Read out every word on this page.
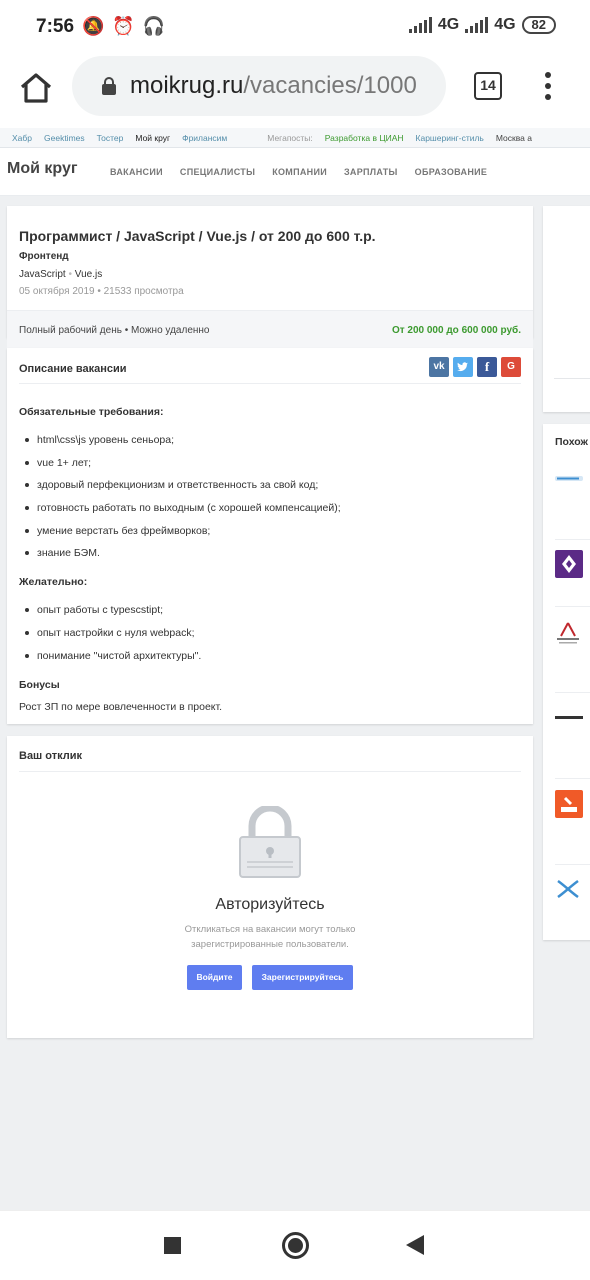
7:56 🔕 ⏰ 🎧	4G 4G	82
moikrug.ru/vacancies/1000	14
Хабр Geektimes Тостер Мой круг Фрилансим	Мегапосты: Разработка в ЦИАН Каршеринг-стиль Москва а
Мой круг	ВАКАНСИИ СПЕЦИАЛИСТЫ КОМПАНИИ ЗАРПЛАТЫ ОБРАЗОВАНИЕ
Программист / JavaScript / Vue.js / от 200 до 600 т.р.
Фронтенд
JavaScript • Vue.js
05 октября 2019 • 21533 просмотра
Полный рабочий день • Можно удаленно	От 200 000 до 600 000 руб.
Описание вакансии	vk	f	G
Обязательные требования:
html\css\js уровень сеньора;
vue 1+ лет;
здоровый перфекционизм и ответственность за свой код;
готовность работать по выходным (с хорошей компенсацией);
умение верстать без фреймворков;
знание БЭМ.
Желательно:
опыт работы с typescstipt;
опыт настройки с нуля webpack;
понимание "чистой архитектуры".
Бонусы
Рост ЗП по мере вовлеченности в проект.
Ваш отклик
Авторизуйтесь
Откликаться на вакансии могут только зарегистрированные пользователи.
Войдите	Зарегистрируйтесь
Похож
